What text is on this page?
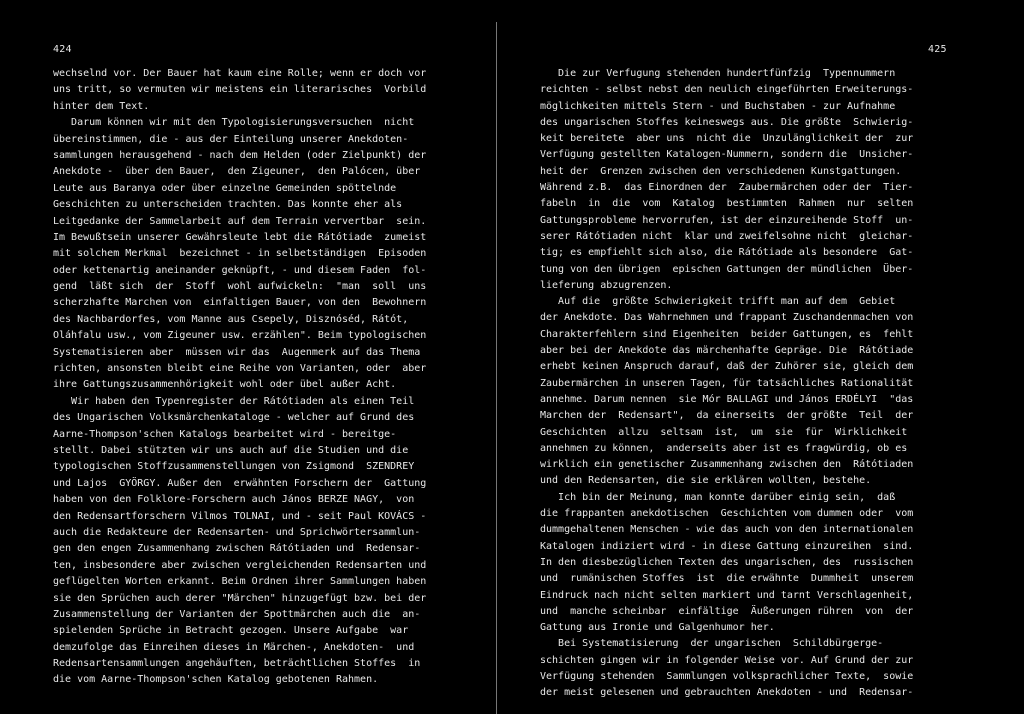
424
wechselnd vor. Der Bauer hat kaum eine Rolle; wenn er doch vor
uns tritt, so vermuten wir meistens ein literarisches  Vorbild
hinter dem Text.
Darum können wir mit den Typologisierungsversuchen  nicht
übereinstimmen, die - aus der Einteilung unserer Anekdoten-
sammlungen herausgehend - nach dem Helden (oder Zielpunkt) der
Anekdote -  über den Bauer,  den Zigeuner,  den Palócen, über
Leute aus Baranya oder über einzelne Gemeinden spöttelnde
Geschichten zu unterscheiden trachten. Das konnte eher als
Leitgedanke der Sammelarbeit auf dem Terrain ververtbar  sein.
Im Bewußtsein unserer Gewährsleute lebt die Rátótiade  zumeist
mit solchem Merkmal  bezeichnet - in selbetständigen  Episoden
oder kettenartig aneinander geknüpft, - und diesem Faden  fol-
gend  läßt sich  der  Stoff  wohl aufwickeln:  "man  soll  uns
scherzhafte Marchen von  einfaltigen Bauer, von den  Bewohnern
des Nachbardorfes, vom Manne aus Csepely, Disznóséd, Rátót,
Oláhfalu usw., vom Zigeuner usw. erzählen". Beim typologischen
Systematisieren aber  müssen wir das  Augenmerk auf das Thema
richten, ansonsten bleibt eine Reihe von Varianten, oder  aber
ihre Gattungszusammenhörigkeit wohl oder übel außer Acht.
Wir haben den Typenregister der Rátótiaden als einen Teil
des Ungarischen Volksmärchenkataloge - welcher auf Grund des
Aarne-Thompson'schen Katalogs bearbeitet wird - bereitge-
stellt. Dabei stützten wir uns auch auf die Studien und die
typologischen Stoffzusammenstellungen von Zsigmond  SZENDREY
und Lajos  GYÖRGY. Außer den  erwähnten Forschern der  Gattung
haben von den Folklore-Forschern auch János BERZE NAGY,  von
den Redensartforschern Vilmos TOLNAI, und - seit Paul KOVÁCS -
auch die Redakteure der Redensarten- und Sprichwörtersammlun-
gen den engen Zusammenhang zwischen Rátótiaden und  Redensar-
ten, insbesondere aber zwischen vergleichenden Redensarten und
geflügelten Worten erkannt. Beim Ordnen ihrer Sammlungen haben
sie den Sprüchen auch derer "Märchen" hinzugefügt bzw. bei der
Zusammenstellung der Varianten der Spottmärchen auch die  an-
spielenden Sprüche in Betracht gezogen. Unsere Aufgabe  war
demzufolge das Einreihen dieses in Märchen-, Anekdoten-  und
Redensartensammlungen angehäuften, beträchtlichen Stoffes  in
die vom Aarne-Thompson'schen Katalog gebotenen Rahmen.
425
Die zur Verfugung stehenden hundertfünfzig  Typennummern
reichten - selbst nebst den neulich eingeführten Erweiterungs-
möglichkeiten mittels Stern - und Buchstaben - zur Aufnahme
des ungarischen Stoffes keineswegs aus. Die größte  Schwierig-
keit bereitete  aber uns  nicht die  Unzulänglichkeit der  zur
Verfügung gestellten Katalogen-Nummern, sondern die  Unsicher-
heit der  Grenzen zwischen den verschiedenen Kunstgattungen.
Während z.B.  das Einordnen der  Zaubermärchen oder der  Tier-
fabeln  in  die  vom  Katalog  bestimmten  Rahmen  nur  selten
Gattungsprobleme hervorrufen, ist der einzureihende Stoff  un-
serer Rátótiaden nicht  klar und zweifelsohne nicht  gleichar-
tig; es empfiehlt sich also, die Rátótiade als besondere  Gat-
tung von den übrigen  epischen Gattungen der mündlichen  Über-
lieferung abzugrenzen.
Auf die  größte Schwierigkeit trifft man auf dem  Gebiet
der Anekdote. Das Wahrnehmen und frappant Zuschandenmachen von
Charakterfehlern sind Eigenheiten  beider Gattungen, es  fehlt
aber bei der Anekdote das märchenhafte Gepräge. Die  Rátótiade
erhebt keinen Anspruch darauf, daß der Zuhörer sie, gleich dem
Zaubermärchen in unseren Tagen, für tatsächliches Rationalität
annehme. Darum nennen  sie Mór BALLAGI und János ERDÉLYI  "das
Marchen der  Redensart",  da einerseits  der größte  Teil  der
Geschichten  allzu  seltsam  ist,  um  sie  für  Wirklichkeit
annehmen zu können,  anderseits aber ist es fragwürdig, ob es
wirklich ein genetischer Zusammenhang zwischen den  Rátótiaden
und den Redensarten, die sie erklären wollten, bestehe.
Ich bin der Meinung, man konnte darüber einig sein,  daß
die frappanten anekdotischen  Geschichten vom dummen oder  vom
dummgehaltenen Menschen - wie das auch von den internationalen
Katalogen indiziert wird - in diese Gattung einzureihen  sind.
In den diesbezüglichen Texten des ungarischen, des  russischen
und  rumänischen Stoffes  ist  die erwähnte  Dummheit  unserem
Eindruck nach nicht selten markiert und tarnt Verschlagenheit,
und  manche scheinbar  einfältige  Äußerungen rühren  von  der
Gattung aus Ironie und Galgenhumor her.
Bei Systematisierung  der ungarischen  Schildbürgerge-
schichten gingen wir in folgender Weise vor. Auf Grund der zur
Verfügung stehenden  Sammlungen volksprachlicher Texte,  sowie
der meist gelesenen und gebrauchten Anekdoten - und  Redensar-
